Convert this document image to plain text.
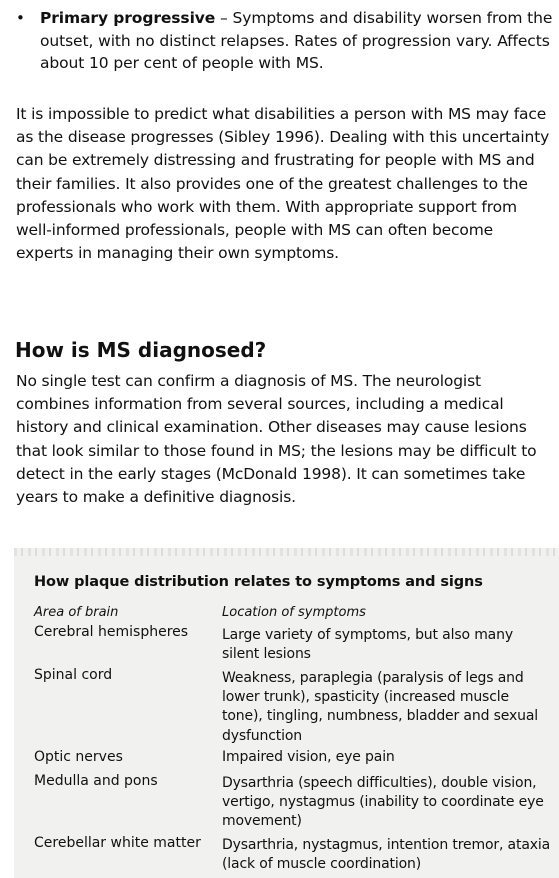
• Primary progressive – Symptoms and disability worsen from the outset, with no distinct relapses. Rates of progression vary. Affects about 10 per cent of people with MS.

It is impossible to predict what disabilities a person with MS may face as the disease progresses (Sibley 1996). Dealing with this uncertainty can be extremely distressing and frustrating for people with MS and their families. It also provides one of the greatest challenges to the professionals who work with them. With appropriate support from well-informed professionals, people with MS can often become experts in managing their own symptoms.

How is MS diagnosed?

No single test can confirm a diagnosis of MS. The neurologist combines information from several sources, including a medical history and clinical examination. Other diseases may cause lesions that look similar to those found in MS; the lesions may be difficult to detect in the early stages (McDonald 1998). It can sometimes take years to make a definitive diagnosis.

How plaque distribution relates to symptoms and signs
Area of brain	Location of symptoms
Cerebral hemispheres	Large variety of symptoms, but also many silent lesions
Spinal cord	Weakness, paraplegia (paralysis of legs and lower trunk), spasticity (increased muscle tone), tingling, numbness, bladder and sexual dysfunction
Optic nerves	Impaired vision, eye pain
Medulla and pons	Dysarthria (speech difficulties), double vision, vertigo, nystagmus (inability to coordinate eye movement)
Cerebellar white matter	Dysarthria, nystagmus, intention tremor, ataxia (lack of muscle coordination)
